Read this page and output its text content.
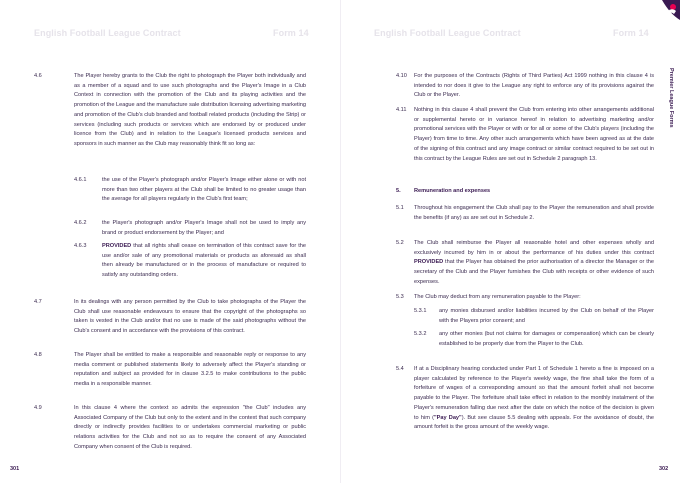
English Football League Contract	Form 14
4.6	The Player hereby grants to the Club the right to photograph the Player both individually and as a member of a squad and to use such photographs and the Player's Image in a Club Context in connection with the promotion of the Club and its playing activities and the promotion of the League and the manufacture sale distribution licensing advertising marketing and promotion of the Club's club branded and football related products (including the Strip) or services (including such products or services which are endorsed by or produced under licence from the Club) and in relation to the League's licensed products services and sponsors in such manner as the Club may reasonably think fit so long as:
4.6.1	the use of the Player's photograph and/or Player's Image either alone or with not more than two other players at the Club shall be limited to no greater usage than the average for all players regularly in the Club's first team;
4.6.2	the Player's photograph and/or Player's Image shall not be used to imply any brand or product endorsement by the Player; and
4.6.3	PROVIDED that all rights shall cease on termination of this contract save for the use and/or sale of any promotional materials or products as aforesaid as shall then already be manufactured or in the process of manufacture or required to satisfy any outstanding orders.
4.7	In its dealings with any person permitted by the Club to take photographs of the Player the Club shall use reasonable endeavours to ensure that the copyright of the photographs so taken is vested in the Club and/or that no use is made of the said photographs without the Club's consent and in accordance with the provisions of this contract.
4.8	The Player shall be entitled to make a responsible and reasonable reply or response to any media comment or published statements likely to adversely affect the Player's standing or reputation and subject as provided for in clause 3.2.5 to make contributions to the public media in a responsible manner.
4.9	In this clause 4 where the context so admits the expression "the Club" includes any Associated Company of the Club but only to the extent and in the context that such company directly or indirectly provides facilities to or undertakes commercial marketing or public relations activities for the Club and not so as to require the consent of any Associated Company when consent of the Club is required.
301
English Football League Contract	Form 14
Premier League Forms
4.10 For the purposes of the Contracts (Rights of Third Parties) Act 1999 nothing in this clause 4 is intended to nor does it give to the League any right to enforce any of its provisions against the Club or the Player.
4.11 Nothing in this clause 4 shall prevent the Club from entering into other arrangements additional or supplemental hereto or in variance hereof in relation to advertising marketing and/or promotional services with the Player or with or for all or some of the Club's players (including the Player) from time to time. Any other such arrangements which have been agreed as at the date of the signing of this contract and any image contract or similar contract required to be set out in this contract by the League Rules are set out in Schedule 2 paragraph 13.
5. Remuneration and expenses
5.1 Throughout his engagement the Club shall pay to the Player the remuneration and shall provide the benefits (if any) as are set out in Schedule 2.
5.2 The Club shall reimburse the Player all reasonable hotel and other expenses wholly and exclusively incurred by him in or about the performance of his duties under this contract PROVIDED that the Player has obtained the prior authorisation of a director the Manager or the secretary of the Club and the Player furnishes the Club with receipts or other evidence of such expenses.
5.3 The Club may deduct from any remuneration payable to the Player:
5.3.1 any monies disbursed and/or liabilities incurred by the Club on behalf of the Player with the Players prior consent; and
5.3.2 any other monies (but not claims for damages or compensation) which can be clearly established to be properly due from the Player to the Club.
5.4 If at a Disciplinary hearing conducted under Part 1 of Schedule 1 hereto a fine is imposed on a player calculated by reference to the Player's weekly wage, the fine shall take the form of a forfeiture of wages of a corresponding amount so that the amount forfeit shall not become payable to the Player. The forfeiture shall take effect in relation to the monthly instalment of the Player's remuneration falling due next after the date on which the notice of the decision is given to him ("Pay Day"). But see clause 5.5 dealing with appeals. For the avoidance of doubt, the amount forfeit is the gross amount of the weekly wage.
302
